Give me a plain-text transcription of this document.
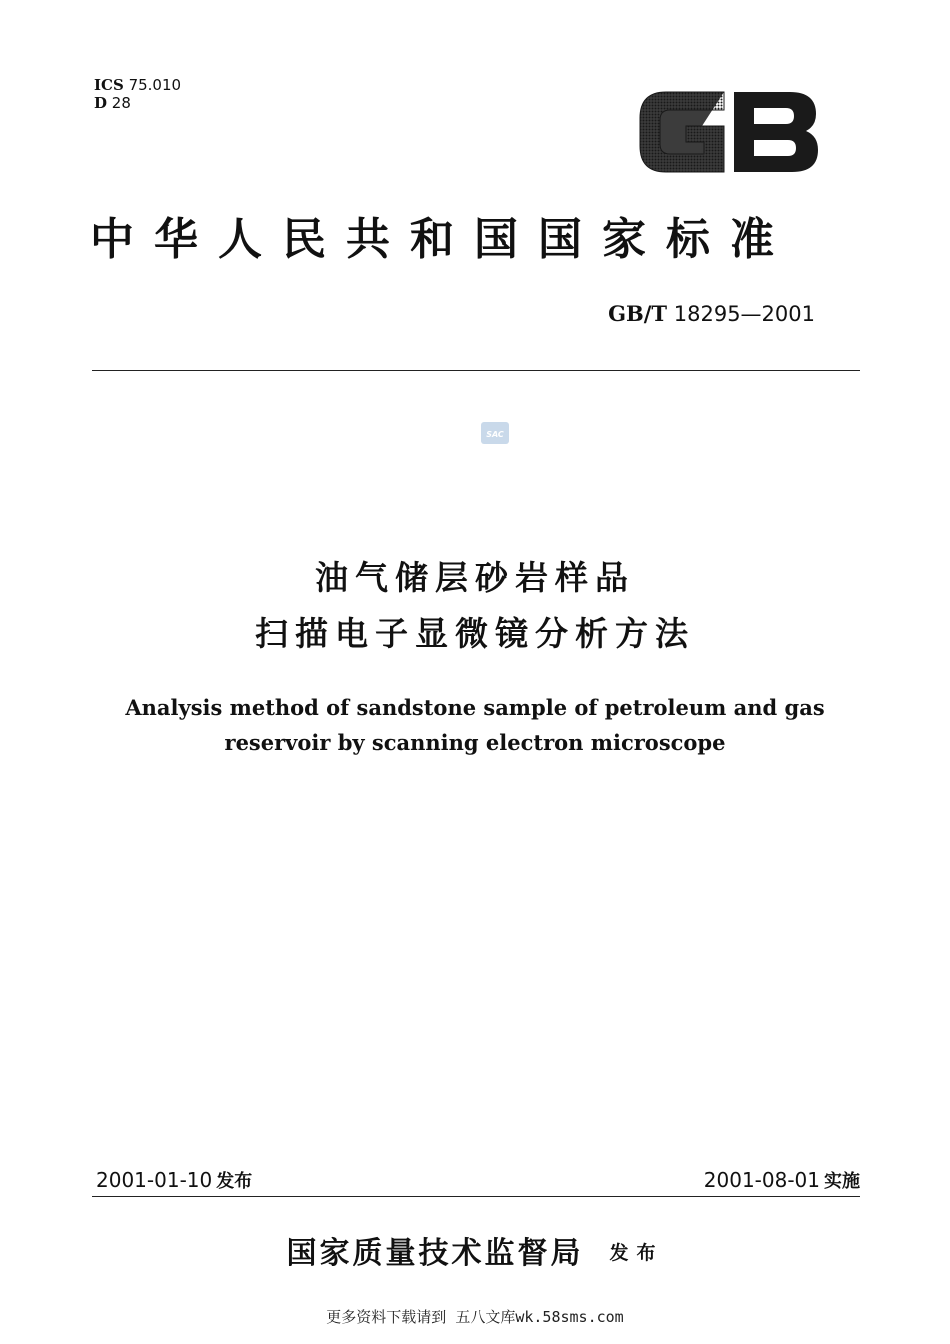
ICS 75.010
D 28
中华人民共和国国家标准
GB/T 18295—2001
SAC
油气储层砂岩样品
扫描电子显微镜分析方法
Analysis method of sandstone sample of petroleum and gas
reservoir by scanning electron microscope
2001-01-10 发布	2001-08-01 实施
国家质量技术监督局 发布
更多资料下载请到 五八文库wk.58sms.com
